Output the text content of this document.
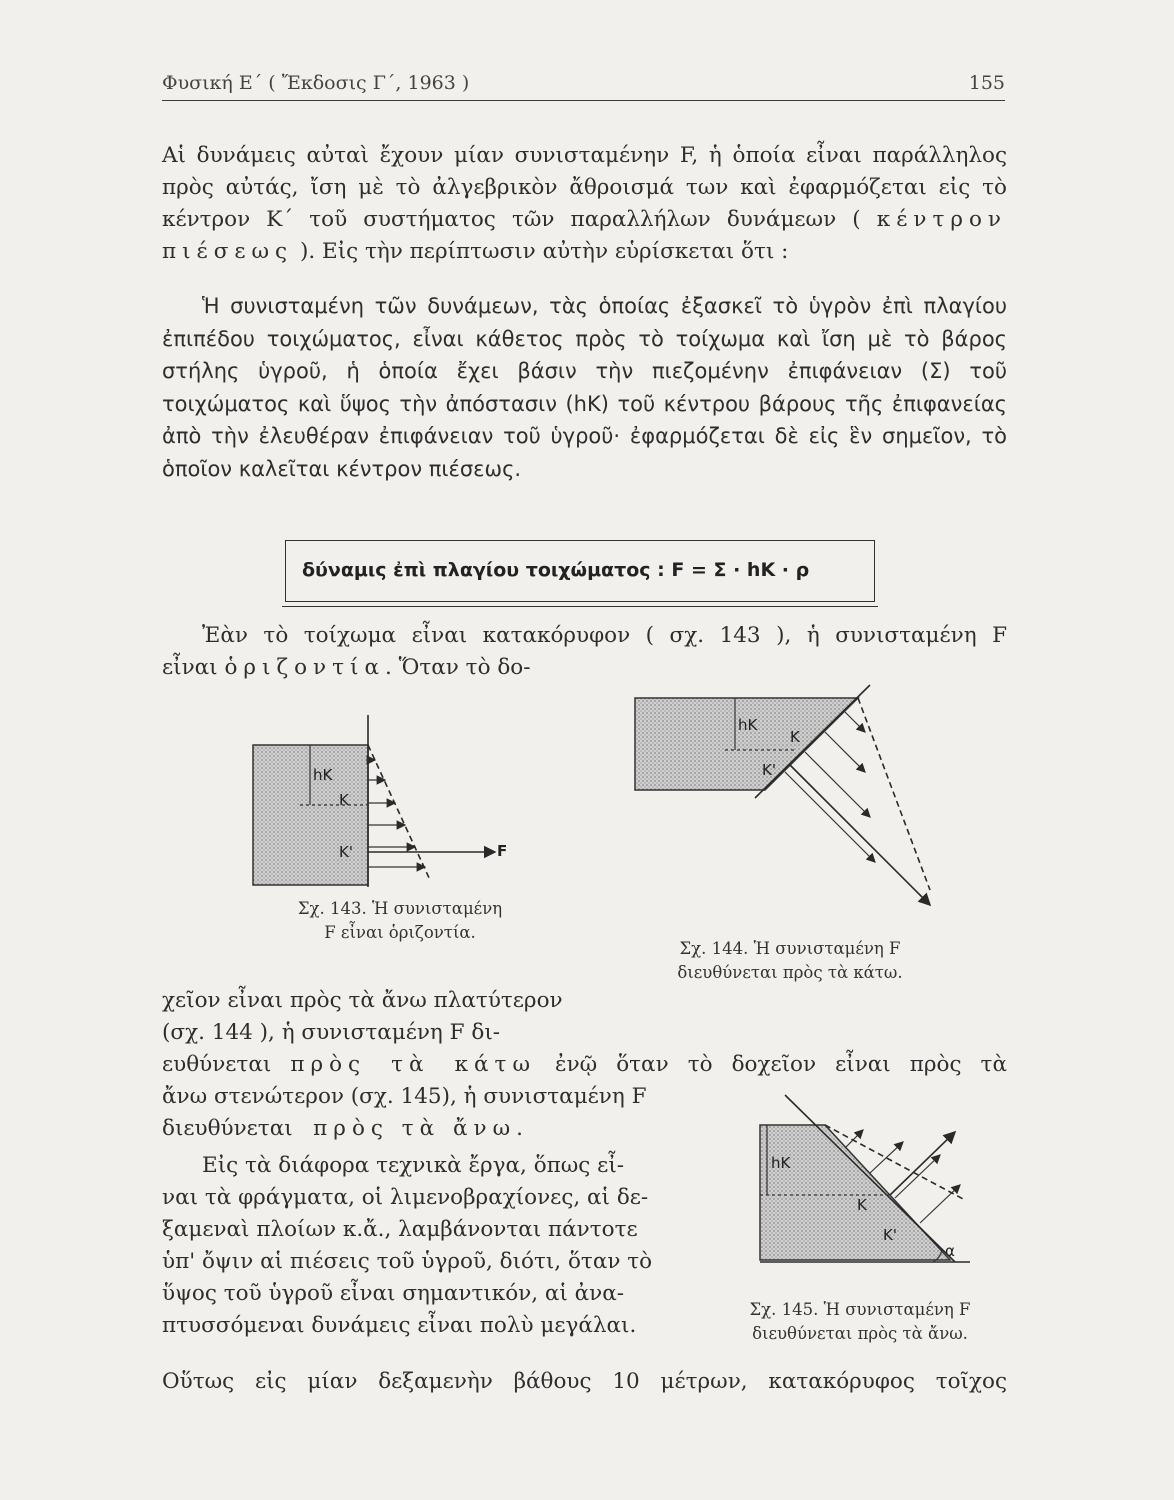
Φυσική Ε΄ ( Ἔκδοσις Γ΄, 1963 )	155

Αἱ δυνάμεις αὐταὶ ἔχουν μίαν συνισταμένην F, ἡ ὁποία εἶναι παράλληλος πρὸς αὐτάς, ἴση μὲ τὸ ἀλγεβρικὸν ἄθροισμά των καὶ ἐφαρμόζεται εἰς τὸ κέντρον Κ΄ τοῦ συστήματος τῶν παραλλήλων δυνάμεων ( κέντρον πιέσεως ). Εἰς τὴν περίπτωσιν αὐτὴν εὑρίσκεται ὅτι :

Ἡ συνισταμένη τῶν δυνάμεων, τὰς ὁποίας ἐξασκεῖ τὸ ὑγρὸν ἐπὶ πλαγίου ἐπιπέδου τοιχώματος, εἶναι κάθετος πρὸς τὸ τοίχωμα καὶ ἴση μὲ τὸ βάρος στήλης ὑγροῦ, ἡ ὁποία ἔχει βάσιν τὴν πιεζομένην ἐπιφάνειαν (Σ) τοῦ τοιχώματος καὶ ὕψος τὴν ἀπόστασιν (hK) τοῦ κέντρου βάρους τῆς ἐπιφανείας ἀπὸ τὴν ἐλευθέραν ἐπιφάνειαν τοῦ ὑγροῦ· ἐφαρμόζεται δὲ εἰς ἓν σημεῖον, τὸ ὁποῖον καλεῖται κέντρον πιέσεως.

δύναμις ἐπὶ πλαγίου τοιχώματος : F = Σ · hK · ρ

Ἐὰν τὸ τοίχωμα εἶναι κατακόρυφον ( σχ. 143 ), ἡ συνισταμένη F
εἶναι ὁριζοντία. Ὅταν τὸ δο-

hK
K
K'	F
Σχ. 143. Ἡ συνισταμένη
F εἶναι ὁριζοντία.
hK
K
K'
Σχ. 144. Ἡ συνισταμένη F
διευθύνεται πρὸς τὰ κάτω.
χεῖον εἶναι πρὸς τὰ ἄνω πλατύτερον
(σχ. 144 ), ἡ συνισταμένη F δι-
ευθύνεται πρὸς τὰ κάτω ἐνῷ ὅταν τὸ δοχεῖον εἶναι πρὸς τὰ
ἄνω στενώτερον (σχ. 145), ἡ συνισταμένη F
διευθύνεται πρὸς τὰ ἄνω.
Εἰς τὰ διάφορα τεχνικὰ ἔργα, ὅπως εἶ-
ναι τὰ φράγματα, οἱ λιμενοβραχίονες, αἱ δε-
ξαμεναὶ πλοίων κ.ἄ., λαμβάνονται πάντοτε
ὑπ' ὄψιν αἱ πιέσεις τοῦ ὑγροῦ, διότι, ὅταν τὸ
ὕψος τοῦ ὑγροῦ εἶναι σημαντικόν, αἱ ἀνα-
πτυσσόμεναι δυνάμεις εἶναι πολὺ μεγάλαι.
Οὕτως εἰς μίαν δεξαμενὴν βάθους 10 μέτρων, κατακόρυφος τοῖχος
hK
K
K'
α
Σχ. 145. Ἡ συνισταμένη F
διευθύνεται πρὸς τὰ ἄνω.
